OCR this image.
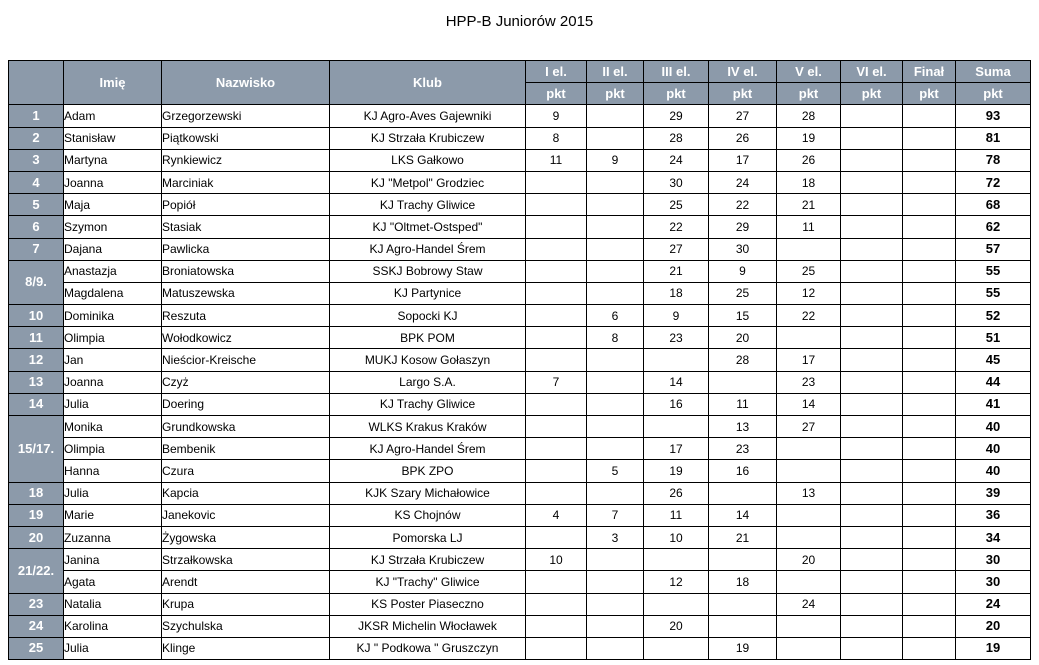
HPP-B Juniorów 2015
	Imię	Nazwisko	Klub	I el.	II el.	III el.	IV el.	V el.	VI el.	Finał	Suma
				pkt	pkt	pkt	pkt	pkt	pkt	pkt	pkt
1	Adam	Grzegorzewski	KJ Agro-Aves Gajewniki	9		29	27	28			93
2	Stanisław	Piątkowski	KJ Strzała Krubiczew	8		28	26	19			81
3	Martyna	Rynkiewicz	LKS Gałkowo	11	9	24	17	26			78
4	Joanna	Marciniak	KJ "Metpol" Grodziec			30	24	18			72
5	Maja	Popiół	KJ Trachy Gliwice			25	22	21			68
6	Szymon	Stasiak	KJ "Oltmet-Ostsped"			22	29	11			62
7	Dajana	Pawlicka	KJ Agro-Handel Śrem			27	30				57
8/9.	Anastazja	Broniatowska	SSKJ Bobrowy Staw			21	9	25			55
	Magdalena	Matuszewska	KJ Partynice			18	25	12			55
10	Dominika	Reszuta	Sopocki KJ		6	9	15	22			52
11	Olimpia	Wołodkowicz	BPK POM		8	23	20				51
12	Jan	Nieścior-Kreische	MUKJ Kosow Gołaszyn				28	17			45
13	Joanna	Czyż	Largo S.A.	7		14		23			44
14	Julia	Doering	KJ Trachy Gliwice			16	11	14			41
15/17.	Monika	Grundkowska	WLKS Krakus Kraków				13	27			40
	Olimpia	Bembenik	KJ Agro-Handel Śrem			17	23				40
	Hanna	Czura	BPK ZPO		5	19	16				40
18	Julia	Kapcia	KJK Szary Michałowice			26		13			39
19	Marie	Janekovic	KS Chojnów	4	7	11	14				36
20	Zuzanna	Żygowska	Pomorska LJ		3	10	21				34
21/22.	Janina	Strzałkowska	KJ Strzała Krubiczew	10				20			30
	Agata	Arendt	KJ "Trachy" Gliwice			12	18				30
23	Natalia	Krupa	KS Poster Piaseczno					24			24
24	Karolina	Szychulska	JKSR Michelin Włocławek			20					20
25	Julia	Klinge	KJ " Podkowa " Gruszczyn				19				19
